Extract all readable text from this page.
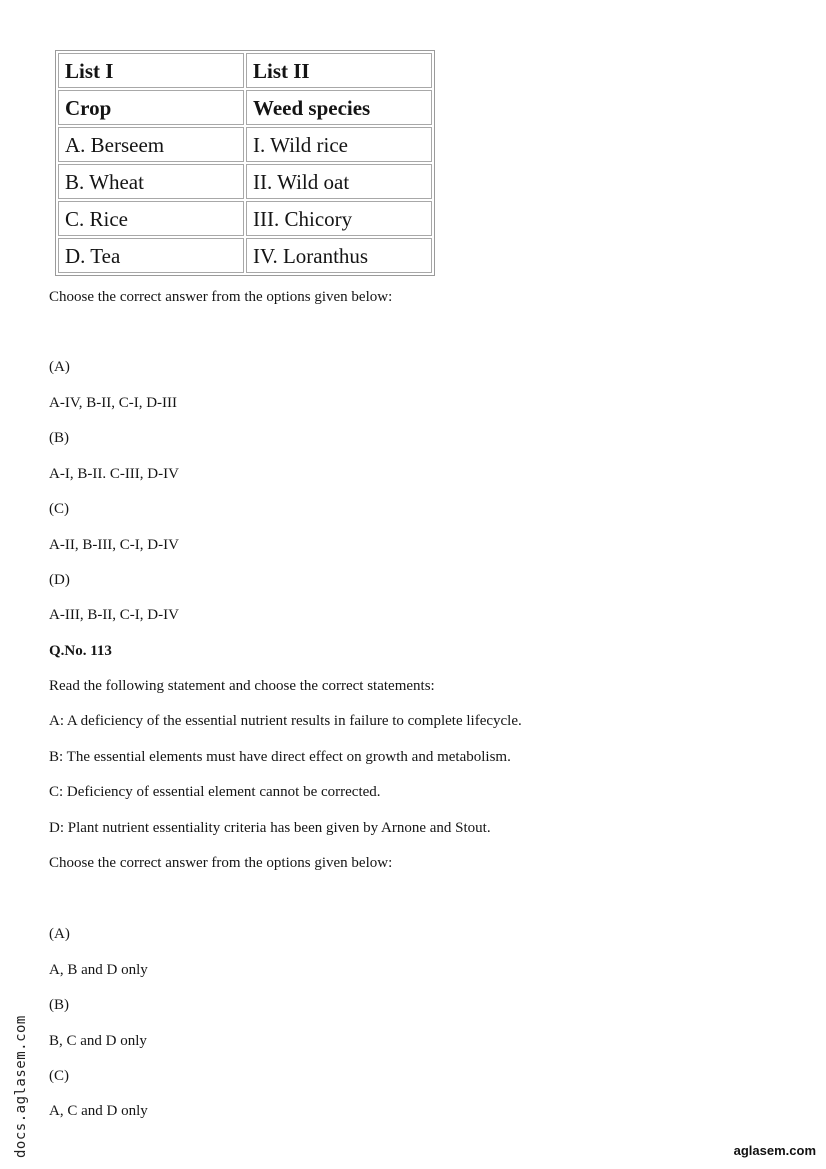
List I	List II
Crop	Weed species
A. Berseem	I. Wild rice
B. Wheat	II. Wild oat
C. Rice	III. Chicory
D. Tea	IV. Loranthus
Choose the correct answer from the options given below:
(A)
A-IV, B-II, C-I, D-III
(B)
A-I, B-II. C-III, D-IV
(C)
A-II, B-III, C-I, D-IV
(D)
A-III, B-II, C-I, D-IV
Q.No. 113
Read the following statement and choose the correct statements:
A: A deficiency of the essential nutrient results in failure to complete lifecycle.
B: The essential elements must have direct effect on growth and metabolism.
C: Deficiency of essential element cannot be corrected.
D: Plant nutrient essentiality criteria has been given by Arnone and Stout.
Choose the correct answer from the options given below:
(A)
A, B and D only
(B)
B, C and D only
(C)
A, C and D only
docs.aglasem.com	aglasem.com
